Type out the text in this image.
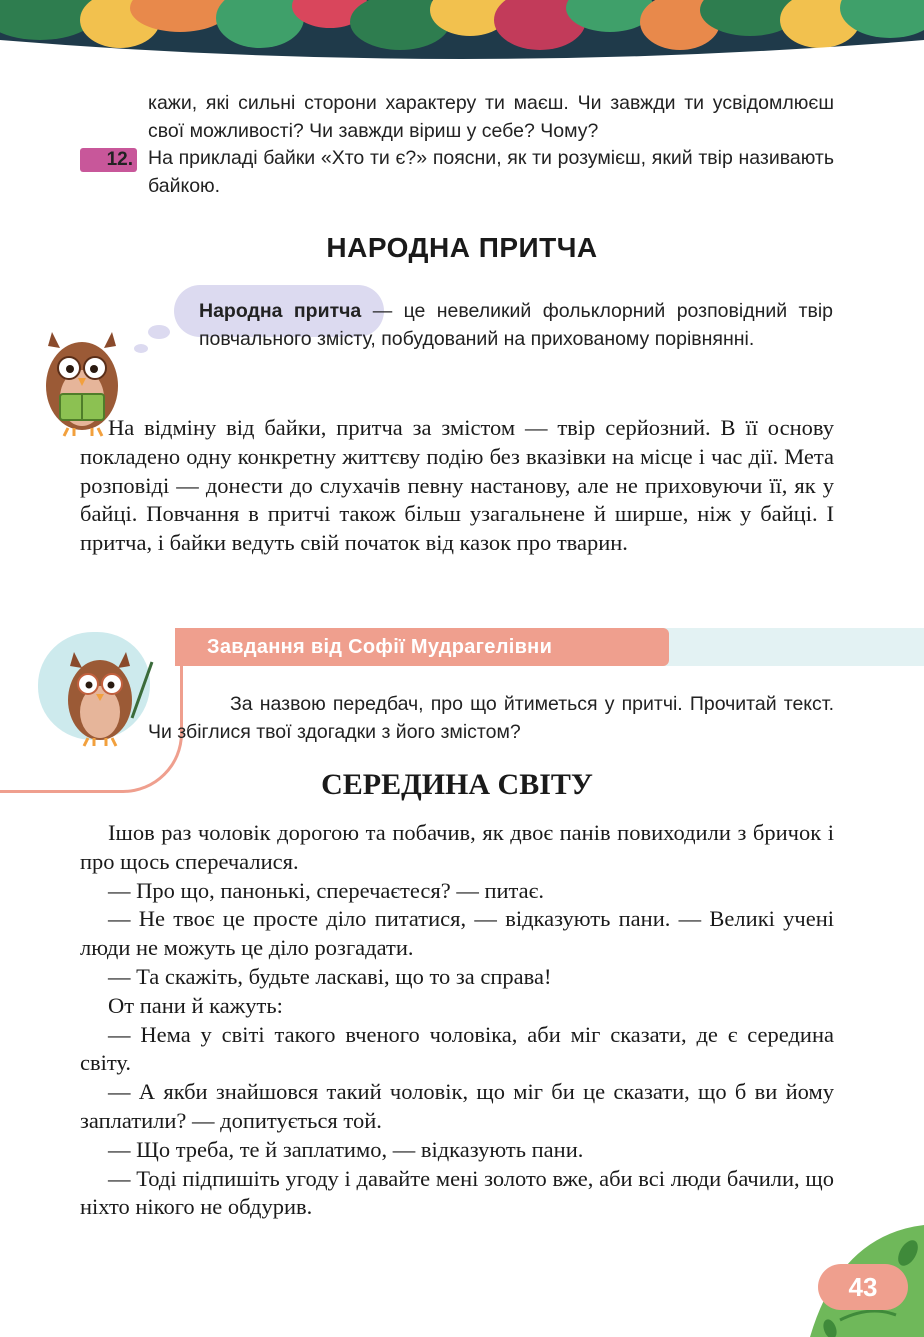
кажи, які сильні сторони характеру ти маєш. Чи завжди ти усвідомлюєш свої можливості? Чи завжди віриш у себе? Чому?

На прикладі байки «Хто ти є?» поясни, як ти розумієш, який твір називають байкою.

12.
НАРОДНА ПРИТЧА
Народна притча — це невеликий фольклорний розповідний твір повчального змісту, побудований на прихованому порівнянні.

На відміну від байки, притча за змістом — твір серйозний. В її основу покладено одну конкретну життєву подію без вказівки на місце і час дії. Мета розповіді — донести до слухачів певну настанову, але не приховуючи її, як у байці. Повчання в притчі також більш узагальнене й ширше, ніж у байці. І притча, і байки ведуть свій початок від казок про тварин.

Завдання від Софії Мудрагелівни

За назвою передбач, про що йтиметься у притчі. Прочитай текст. Чи збіглися твої здогадки з його змістом?

СЕРЕДИНА СВІТУ

Ішов раз чоловік дорогою та побачив, як двоє панів повиходили з бричок і про щось сперечалися.

— Про що, панонькі, сперечаєтеся? — питає.

— Не твоє це просте діло питатися, — відказують пани. — Великі учені люди не можуть це діло розгадати.

— Та скажіть, будьте ласкаві, що то за справа!

От пани й кажуть:

— Нема у світі такого вченого чоловіка, аби міг сказати, де є середина світу.

— А якби знайшовся такий чоловік, що міг би це сказати, що б ви йому заплатили? — допитується той.

— Що треба, те й заплатимо, — відказують пани.

— Тоді підпишіть угоду і давайте мені золото вже, аби всі люди бачили, що ніхто нікого не обдурив.

43
